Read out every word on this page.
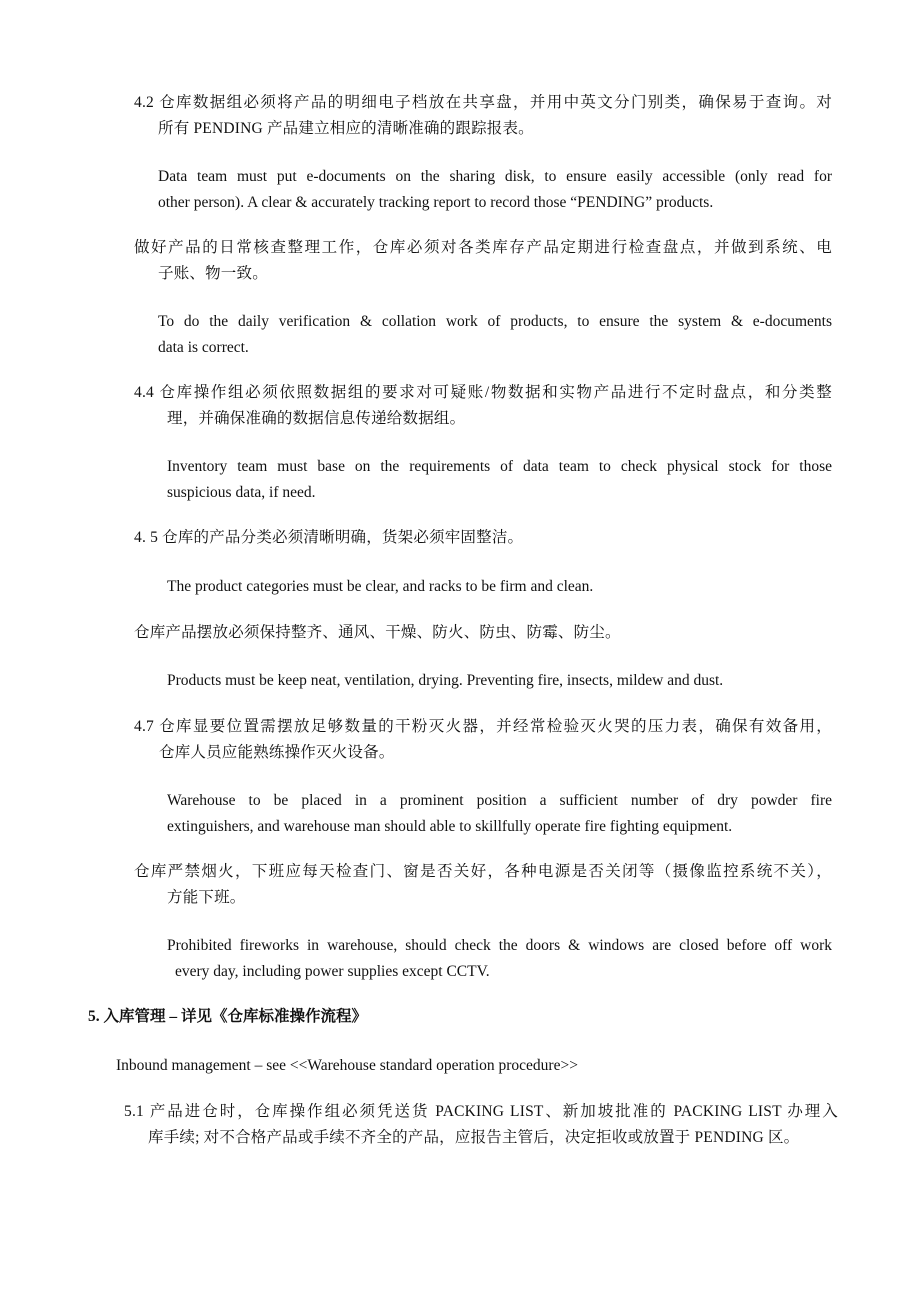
4.2 仓库数据组必须将产品的明细电子档放在共享盘，并用中英文分门别类，确保易于查询。对
所有 PENDING 产品建立相应的清晰准确的跟踪报表。
Data team must put e-documents on the sharing disk, to ensure easily accessible (only read for
other person). A clear & accurately tracking report to record those “PENDING” products.
做好产品的日常核查整理工作，仓库必须对各类库存产品定期进行检查盘点，并做到系统、电
子账、物一致。
To do the daily verification & collation work of products, to ensure the system & e-documents
data is correct.
4.4 仓库操作组必须依照数据组的要求对可疑账/物数据和实物产品进行不定时盘点，和分类整
理，并确保准确的数据信息传递给数据组。
Inventory team must base on the requirements of data team to check physical stock for those
suspicious data, if need.
4. 5 仓库的产品分类必须清晰明确，货架必须牢固整洁。
The product categories must be clear, and racks to be firm and clean.
仓库产品摆放必须保持整齐、通风、干燥、防火、防虫、防霉、防尘。
Products must be keep neat, ventilation, drying. Preventing fire, insects, mildew and dust.
4.7 仓库显要位置需摆放足够数量的干粉灭火器，并经常检验灭火哭的压力表，确保有效备用，
仓库人员应能熟练操作灭火设备。
Warehouse to be placed in a prominent position a sufficient number of dry powder fire
extinguishers, and warehouse man should able to skillfully operate fire fighting equipment.
仓库严禁烟火，下班应每天检查门、窗是否关好，各种电源是否关闭等（摄像监控系统不关），
方能下班。
Prohibited fireworks in warehouse, should check the doors & windows are closed before off work
every day, including power supplies except CCTV.
5. 入库管理 – 详见《仓库标准操作流程》
Inbound management – see <<Warehouse standard operation procedure>>
5.1 产品进仓时，仓库操作组必须凭送货 PACKING LIST、新加坡批准的 PACKING LIST 办理入
库手续; 对不合格产品或手续不齐全的产品，应报告主管后，决定拒收或放置于 PENDING 区。
